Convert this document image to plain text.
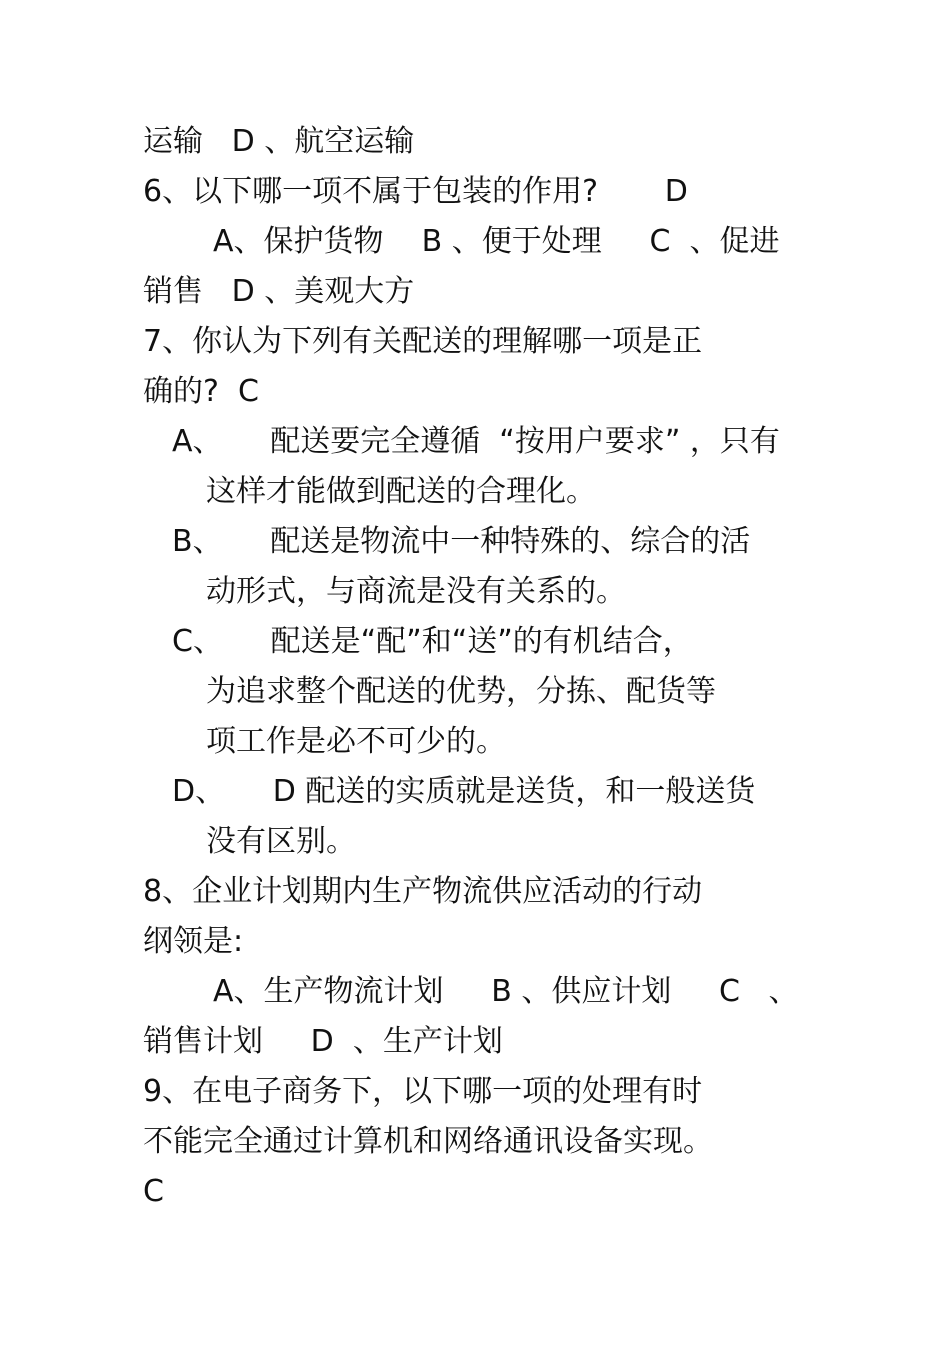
运输   D 、航空运输
6、以下哪一项不属于包装的作用?       D
A、保护货物    B 、便于处理     C  、促进
销售   D 、美观大方
7、你认为下列有关配送的理解哪一项是正
确的?  C
A、     配送要完全遵循  “按用户要求” ，只有
这样才能做到配送的合理化。
B、     配送是物流中一种特殊的、综合的活
动形式，与商流是没有关系的。
C、     配送是“配”和“送”的有机结合，
为追求整个配送的优势，分拣、配货等
项工作是必不可少的。
D、     D 配送的实质就是送货，和一般送货
没有区别。
8、企业计划期内生产物流供应活动的行动
纲领是:
A、生产物流计划     B 、供应计划     C   、
销售计划     D  、生产计划
9、在电子商务下，以下哪一项的处理有时
不能完全通过计算机和网络通讯设备实现。
C
